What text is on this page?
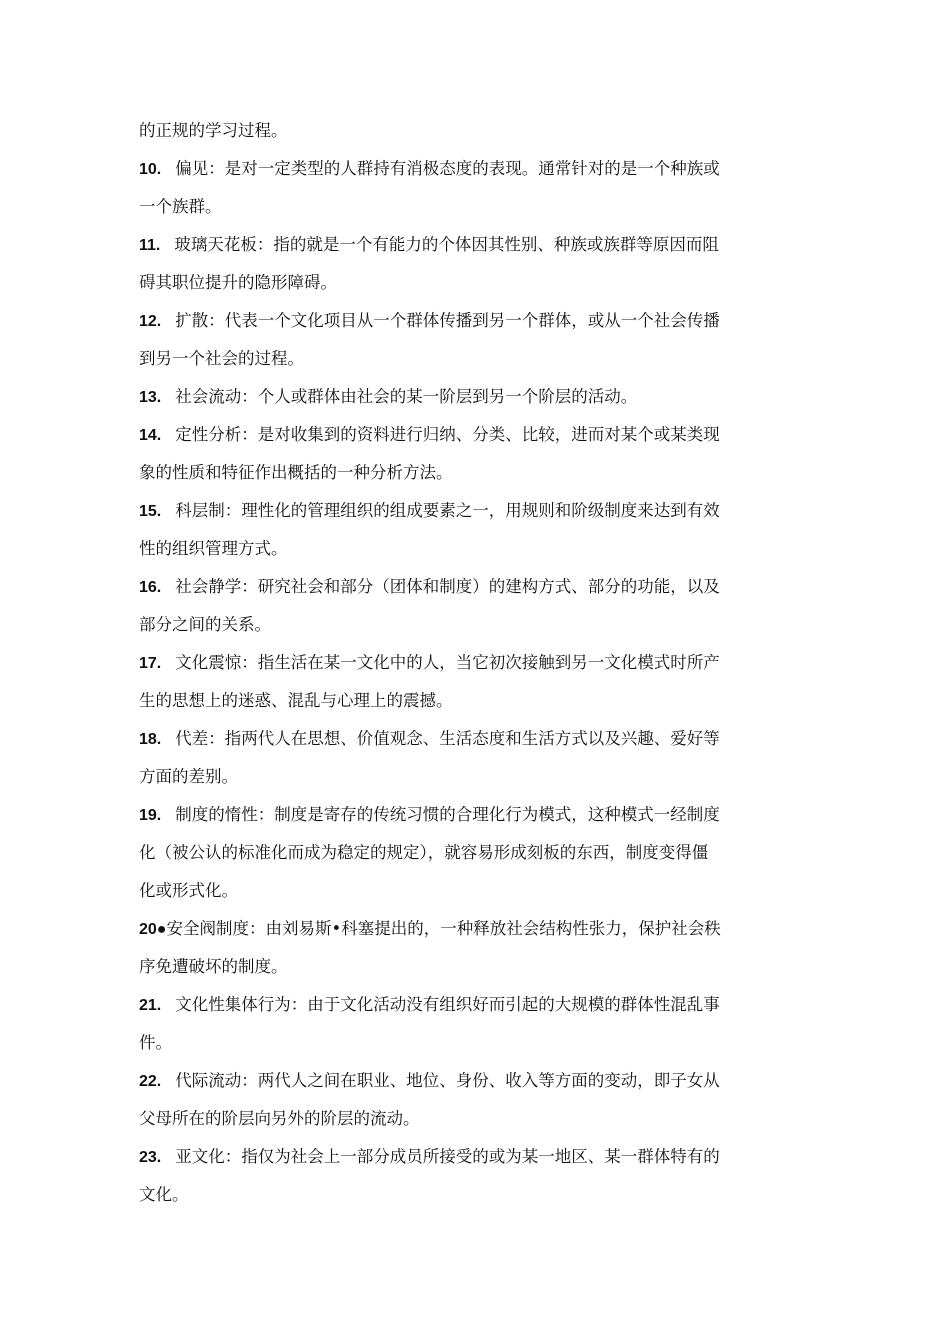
的正规的学习过程。
10. 偏见：是对一定类型的人群持有消极态度的表现。通常针对的是一个种族或
一个族群。
11. 玻璃天花板：指的就是一个有能力的个体因其性别、种族或族群等原因而阻
碍其职位提升的隐形障碍。
12. 扩散：代表一个文化项目从一个群体传播到另一个群体，或从一个社会传播
到另一个社会的过程。
13. 社会流动：个人或群体由社会的某一阶层到另一个阶层的活动。
14. 定性分析：是对收集到的资料进行归纳、分类、比较，进而对某个或某类现
象的性质和特征作出概括的一种分析方法。
15. 科层制：理性化的管理组织的组成要素之一，用规则和阶级制度来达到有效
性的组织管理方式。
16. 社会静学：研究社会和部分（团体和制度）的建构方式、部分的功能，以及
部分之间的关系。
17. 文化震惊：指生活在某一文化中的人，当它初次接触到另一文化模式时所产
生的思想上的迷惑、混乱与心理上的震撼。
18. 代差：指两代人在思想、价值观念、生活态度和生活方式以及兴趣、爱好等
方面的差别。
19. 制度的惰性：制度是寄存的传统习惯的合理化行为模式，这种模式一经制度
化（被公认的标准化而成为稳定的规定），就容易形成刻板的东西，制度变得僵
化或形式化。
20●安全阀制度：由刘易斯•科塞提出的，一种释放社会结构性张力，保护社会秩
序免遭破坏的制度。
21. 文化性集体行为：由于文化活动没有组织好而引起的大规模的群体性混乱事
件。
22. 代际流动：两代人之间在职业、地位、身份、收入等方面的变动，即子女从
父母所在的阶层向另外的阶层的流动。
23. 亚文化：指仅为社会上一部分成员所接受的或为某一地区、某一群体特有的
文化。
